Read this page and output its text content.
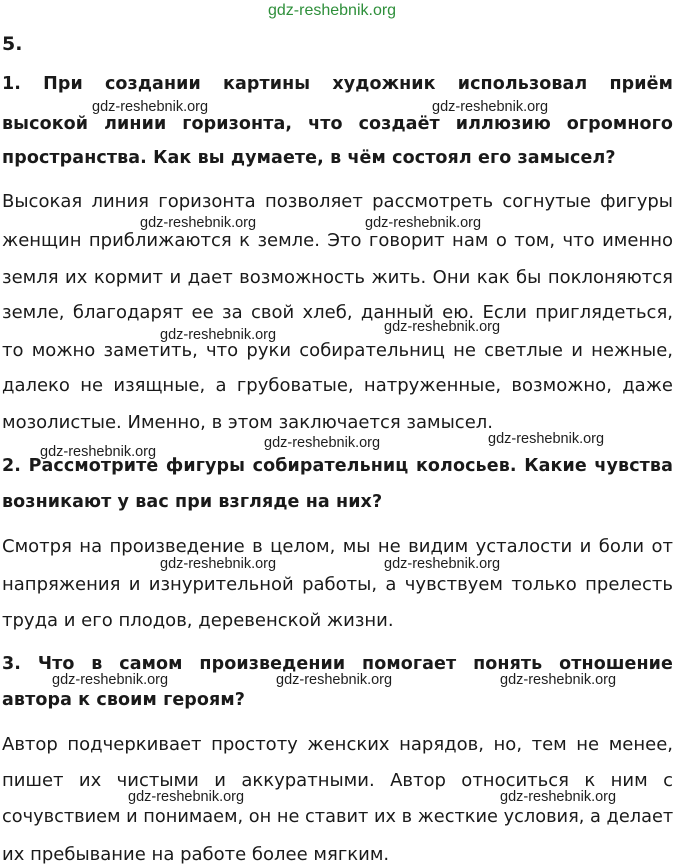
gdz-reshebnik.org
5.
1. При создании картины художник использовал приём
высокой линии горизонта, что создаёт иллюзию огромного
пространства. Как вы думаете, в чём состоял его замысел?
Высокая линия горизонта позволяет рассмотреть согнутые фигуры
женщин приближаются к земле. Это говорит нам о том, что именно
земля их кормит и дает возможность жить. Они как бы поклоняются
земле, благодарят ее за свой хлеб, данный ею. Если приглядеться,
то можно заметить, что руки собирательниц не светлые и нежные,
далеко не изящные, а грубоватые, натруженные, возможно, даже
мозолистые. Именно, в этом заключается замысел.
2. Рассмотрите фигуры собирательниц колосьев. Какие чувства
возникают у вас при взгляде на них?
Смотря на произведение в целом, мы не видим усталости и боли от
напряжения и изнурительной работы, а чувствуем только прелесть
труда и его плодов, деревенской жизни.
3. Что в самом произведении помогает понять отношение
автора к своим героям?
Автор подчеркивает простоту женских нарядов, но, тем не менее,
пишет их чистыми и аккуратными. Автор относиться к ним с
сочувствием и понимаем, он не ставит их в жесткие условия, а делает
их пребывание на работе более мягким.
gdz-reshebnik.org	gdz-reshebnik.org
gdz-reshebnik.org	gdz-reshebnik.org
gdz-reshebnik.org	gdz-reshebnik.org
gdz-reshebnik.org
gdz-reshebnik.org	gdz-reshebnik.org
gdz-reshebnik.org	gdz-reshebnik.org
gdz-reshebnik.org	gdz-reshebnik.org	gdz-reshebnik.org
gdz-reshebnik.org	gdz-reshebnik.org
